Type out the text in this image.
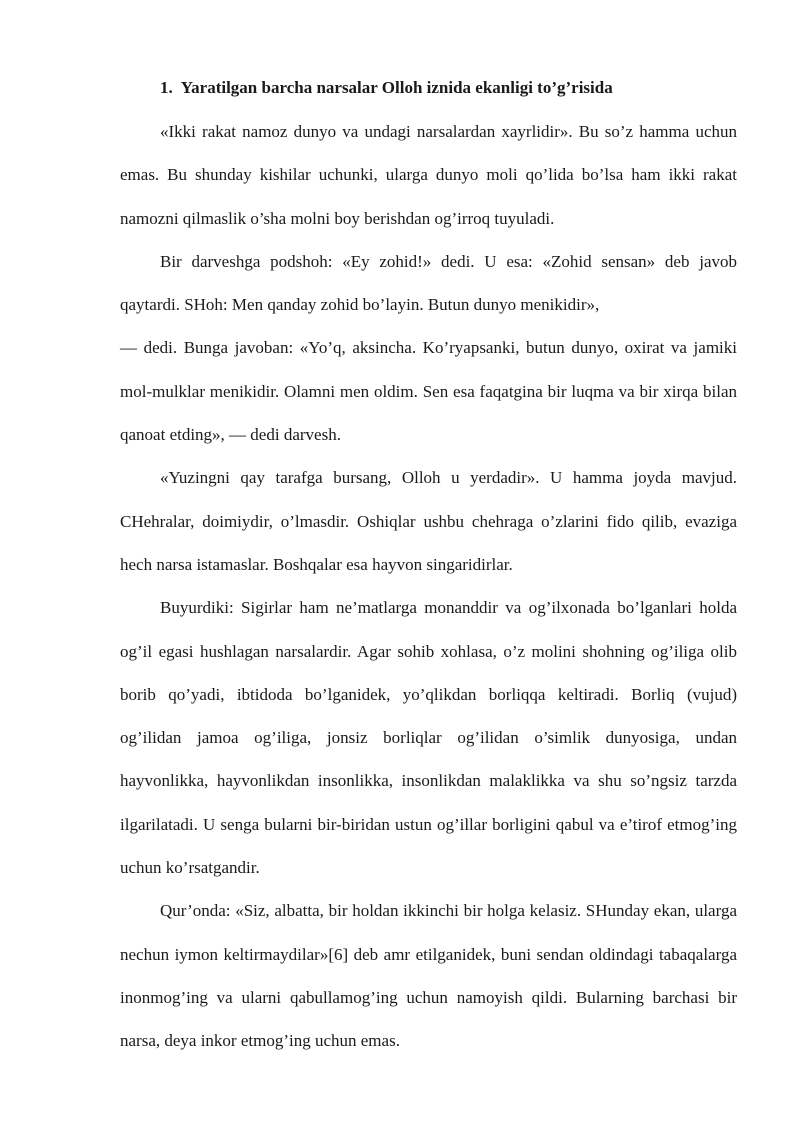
1. Yaratilgan barcha narsalar Olloh iznida ekanligi to’g’risida

«Ikki rakat namoz dunyo va undagi narsalardan xayrlidir». Bu so’z hamma uchun emas. Bu shunday kishilar uchunki, ularga dunyo moli qo’lida bo’lsa ham ikki rakat namozni qilmaslik o’sha molni boy berishdan og’irroq tuyuladi.

Bir darveshga podshoh: «Ey zohid!» dedi. U esa: «Zohid sensan» deb javob qaytardi. SHoh: Men qanday zohid bo’layin. Butun dunyo menikidir»,

— dedi. Bunga javoban: «Yo’q, aksincha. Ko’ryapsanki, butun dunyo, oxirat va jamiki mol-mulklar menikidir. Olamni men oldim. Sen esa faqatgina bir luqma va bir xirqa bilan qanoat etding», — dedi darvesh.

«Yuzingni qay tarafga bursang, Olloh u yerdadir». U hamma joyda mavjud. CHehralar, doimiydir, o’lmasdir. Oshiqlar ushbu chehraga o’zlarini fido qilib, evaziga hech narsa istamaslar. Boshqalar esa hayvon singaridirlar.

Buyurdiki: Sigirlar ham ne’matlarga monanddir va og’ilxonada bo’lganlari holda og’il egasi hushlagan narsalardir. Agar sohib xohlasa, o’z molini shohning og’iliga olib borib qo’yadi, ibtidoda bo’lganidek, yo’qlikdan borliqqa keltiradi. Borliq (vujud) og’ilidan jamoa og’iliga, jonsiz borliqlar og’ilidan o’simlik dunyosiga, undan hayvonlikka, hayvonlikdan insonlikka, insonlikdan malaklikka va shu so’ngsiz tarzda ilgarilatadi. U senga bularni bir-biridan ustun og’illar borligini qabul va e’tirof etmog’ing uchun ko’rsatgandir.

Qur’onda: «Siz, albatta, bir holdan ikkinchi bir holga kelasiz. SHunday ekan, ularga nechun iymon keltirmaydilar»[6] deb amr etilganidek, buni sendan oldindagi tabaqalarga inonmog’ing va ularni qabullamog’ing uchun namoyish qildi. Bularning barchasi bir narsa, deya inkor etmog’ing uchun emas.
